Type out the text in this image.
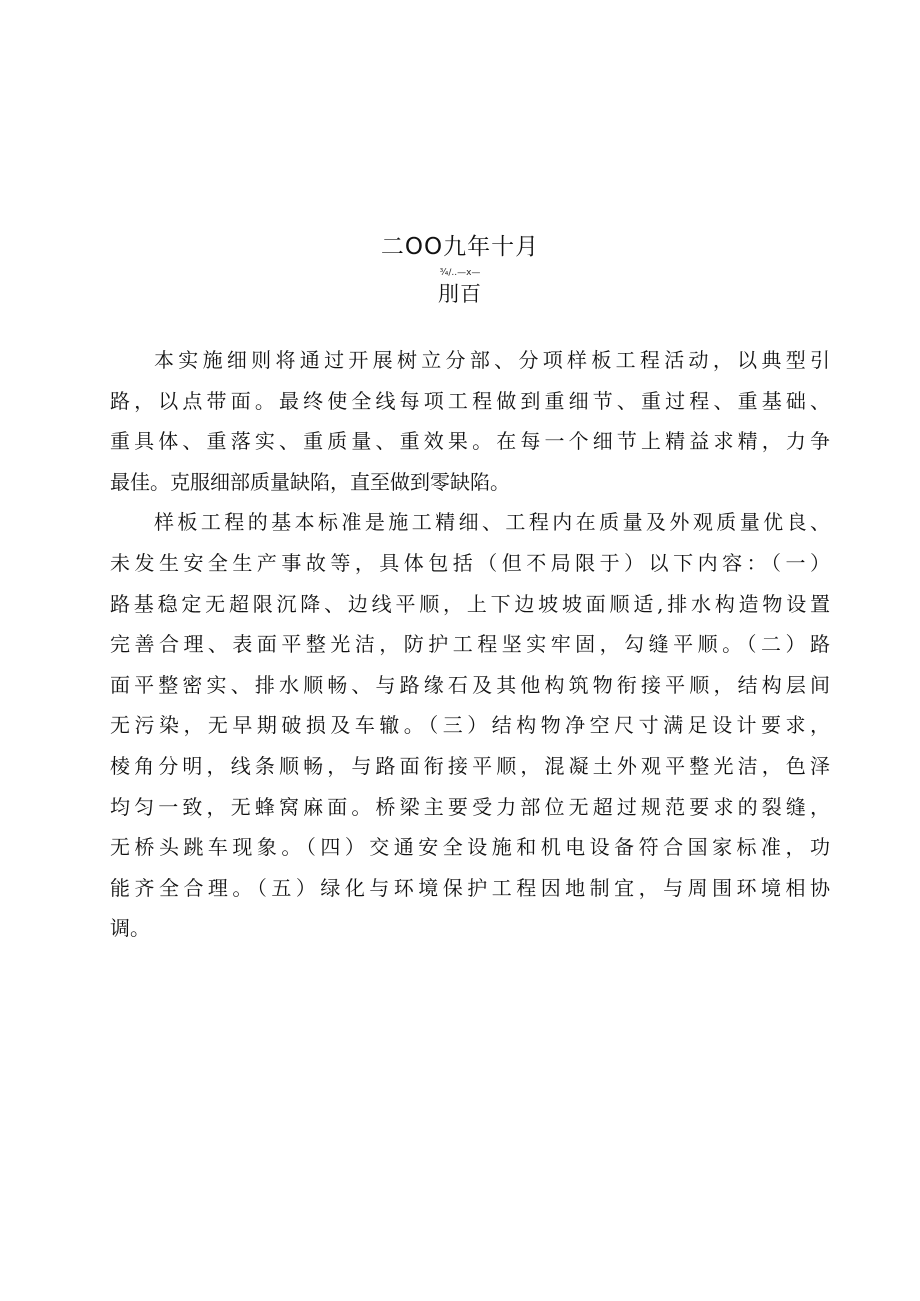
二OO九年十月
¾/..—x—
刖百
本实施细则将通过开展树立分部、分项样板工程活动，以典型引
路，以点带面。最终使全线每项工程做到重细节、重过程、重基础、
重具体、重落实、重质量、重效果。在每一个细节上精益求精，力争
最佳。克服细部质量缺陷，直至做到零缺陷。
样板工程的基本标准是施工精细、工程内在质量及外观质量优良、
未发生安全生产事故等，具体包括（但不局限于）以下内容：（一）
路基稳定无超限沉降、边线平顺，上下边坡坡面顺适,排水构造物设置
完善合理、表面平整光洁，防护工程坚实牢固，勾缝平顺。（二）路
面平整密实、排水顺畅、与路缘石及其他构筑物衔接平顺，结构层间
无污染，无早期破损及车辙。（三）结构物净空尺寸满足设计要求，
棱角分明，线条顺畅，与路面衔接平顺，混凝土外观平整光洁，色泽
均匀一致，无蜂窝麻面。桥梁主要受力部位无超过规范要求的裂缝，
无桥头跳车现象。（四）交通安全设施和机电设备符合国家标准，功
能齐全合理。（五）绿化与环境保护工程因地制宜，与周围环境相协
调。
